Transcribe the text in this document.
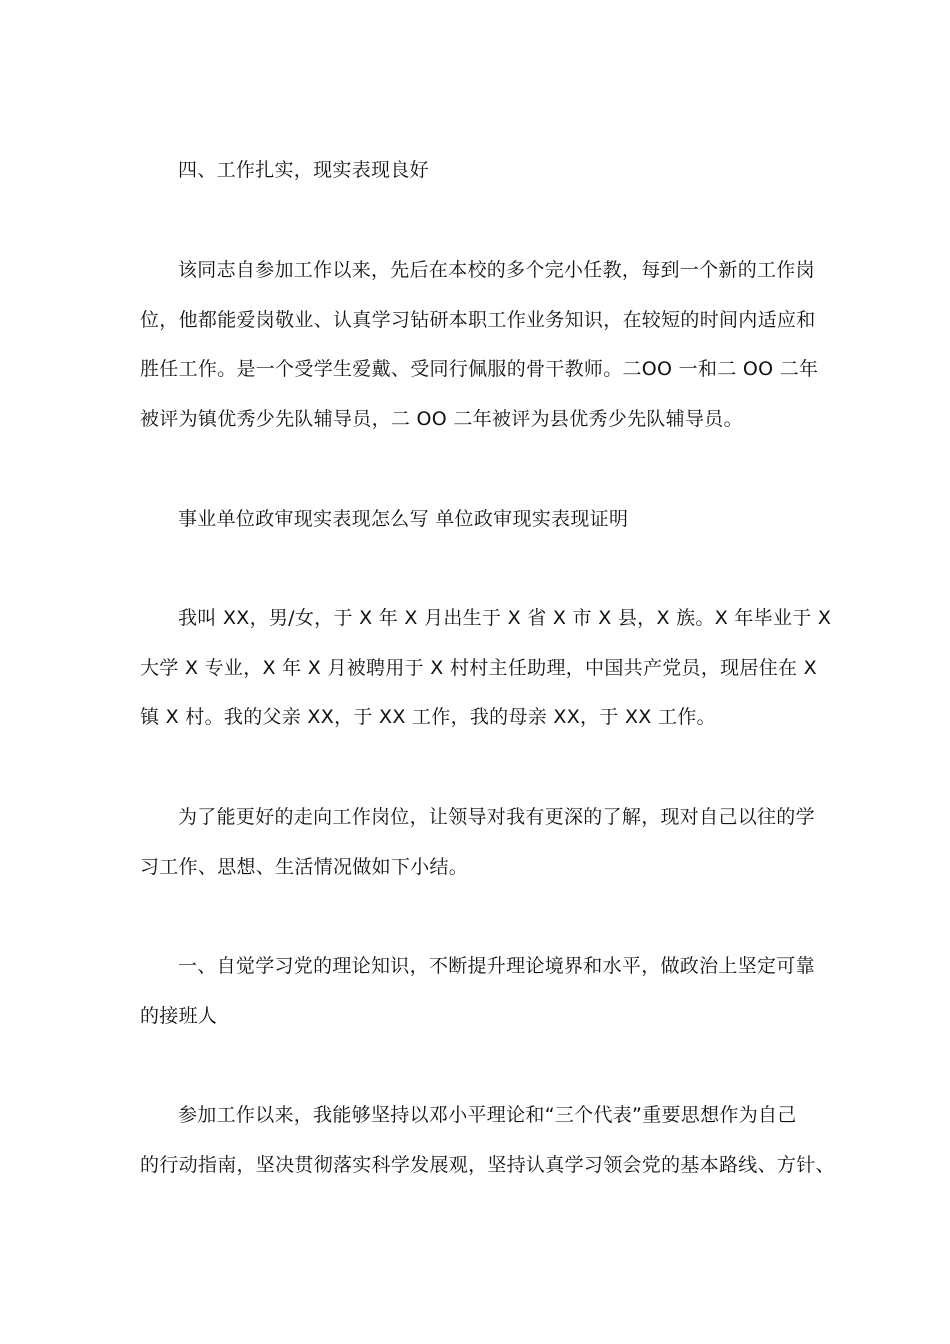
四、工作扎实，现实表现良好
该同志自参加工作以来，先后在本校的多个完小任教，每到一个新的工作岗
位，他都能爱岗敬业、认真学习钻研本职工作业务知识，在较短的时间内适应和
胜任工作。是一个受学生爱戴、受同行佩服的骨干教师。二OO 一和二 OO 二年
被评为镇优秀少先队辅导员，二 OO 二年被评为县优秀少先队辅导员。
事业单位政审现实表现怎么写 单位政审现实表现证明
我叫 XX，男/女，于 X 年 X 月出生于 X 省 X 市 X 县，X 族。X 年毕业于 X
大学 X 专业，X 年 X 月被聘用于 X 村村主任助理，中国共产党员，现居住在 X
镇 X 村。我的父亲 XX，于 XX 工作，我的母亲 XX，于 XX 工作。
为了能更好的走向工作岗位，让领导对我有更深的了解，现对自己以往的学
习工作、思想、生活情况做如下小结。
一、自觉学习党的理论知识，不断提升理论境界和水平，做政治上坚定可靠
的接班人
参加工作以来，我能够坚持以邓小平理论和“三个代表”重要思想作为自己
的行动指南，坚决贯彻落实科学发展观，坚持认真学习领会党的基本路线、方针、
